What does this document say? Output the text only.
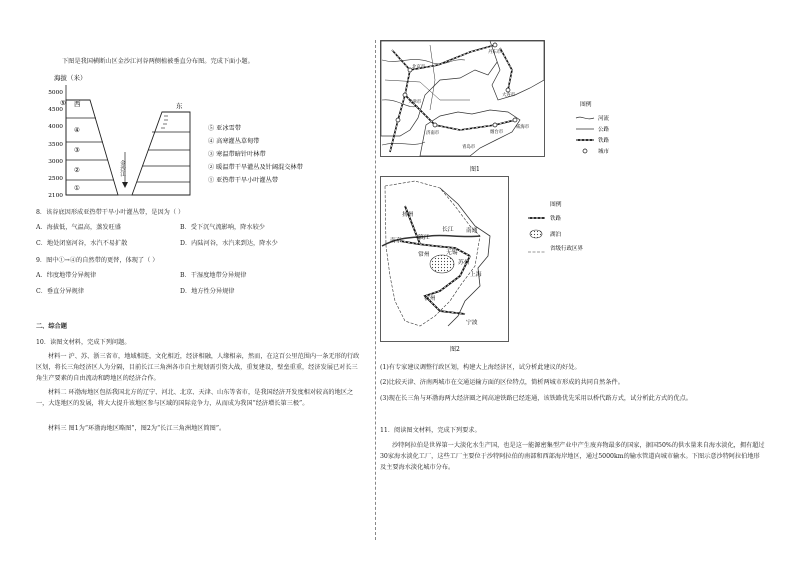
下图是我国横断山区金沙江河谷两侧植被垂直分布图。完成下面小题。
海拔（米）
5000
4500
4000
3500
3000
2500
2100
西	东
⑤
④
③
②
①
金沙江
⑤ 亚冰雪带
④ 高寒灌丛草甸带
③ 寒温带暗针叶林带
② 暖温带干旱灌丛及针阔混交林带
① 亚热带干旱小叶灌丛带
8．该谷底因形成亚热带干旱小叶灌丛带，是因为（ ）
A．海拔低，气温高，蒸发旺盛	B．受下沉气流影响，降水较少
C．地处闭塞河谷，水汽不易扩散	D．内陆河谷，水汽来到达，降水少
9．图中①→④的自然带的更替，体现了（ ）
A．纬度地带分异规律	B．干湿度地带分异规律
C．垂直分异规律	D．地方性分异规律
二、综合题
10．读图文材料，完成下列问题。
材料一 沪、苏、浙三省市，地域相连，文化相近，经济相融，人缘相亲，然而，在这百公里范围内一条无形的行政区划，将长三角经济区人为分隔，目前长江三角洲各市自主规划需引资大战，重复建设，壁垒重重，经济发展已对长三角生产要素的自由流动和跨地区的经济合作。
材料二 环渤海地区包括我国北方的辽宁、河北、北京、天津、山东等省市，是我国经济开发度相对较高的地区之一，大连地区的发展，将大大提升该地区参与区域的国际竞争力，从而成为我国“经济增长第三极”。
材料三 图1为“环渤海地区略图”，图2为“长江三角洲地区简图”。
丹东市
大连市
威海市
烟台市
青岛市
济南市
天津市
北京市
图例
河流
公路
铁路
城市
图1
扬州
南通
南京	镇江
常州	无锡
苏州
上海
杭州
宁波
长江
图例
铁路
湖泊
省级行政区界
图2
(1)有专家建议调整行政区划，构建大上海经济区，试分析此建议的好处。
(2)比较天津、济南两城市在交通运输方面的区位特点，简析两城市形成的共同自然条件。
(3)现在长三角与环渤海两大经济圈之间高速铁路已经连通，该铁路优先采用以桥代路方式，试分析此方式的优点。
11．阅读图文材料，完成下列要求。
沙特阿拉伯是世界第一大淡化水生产国，也是这一能源密集型产业中产生废弃物最多的国家，据国50%的供水量来自海水淡化，拥有超过30家海水淡化工厂，这些工厂主要位于沙特阿拉伯的南部和西部海岸地区，通过5000km的输水管道向城市输水。下图示意沙特阿拉伯地形及主要海水淡化城市分布。
